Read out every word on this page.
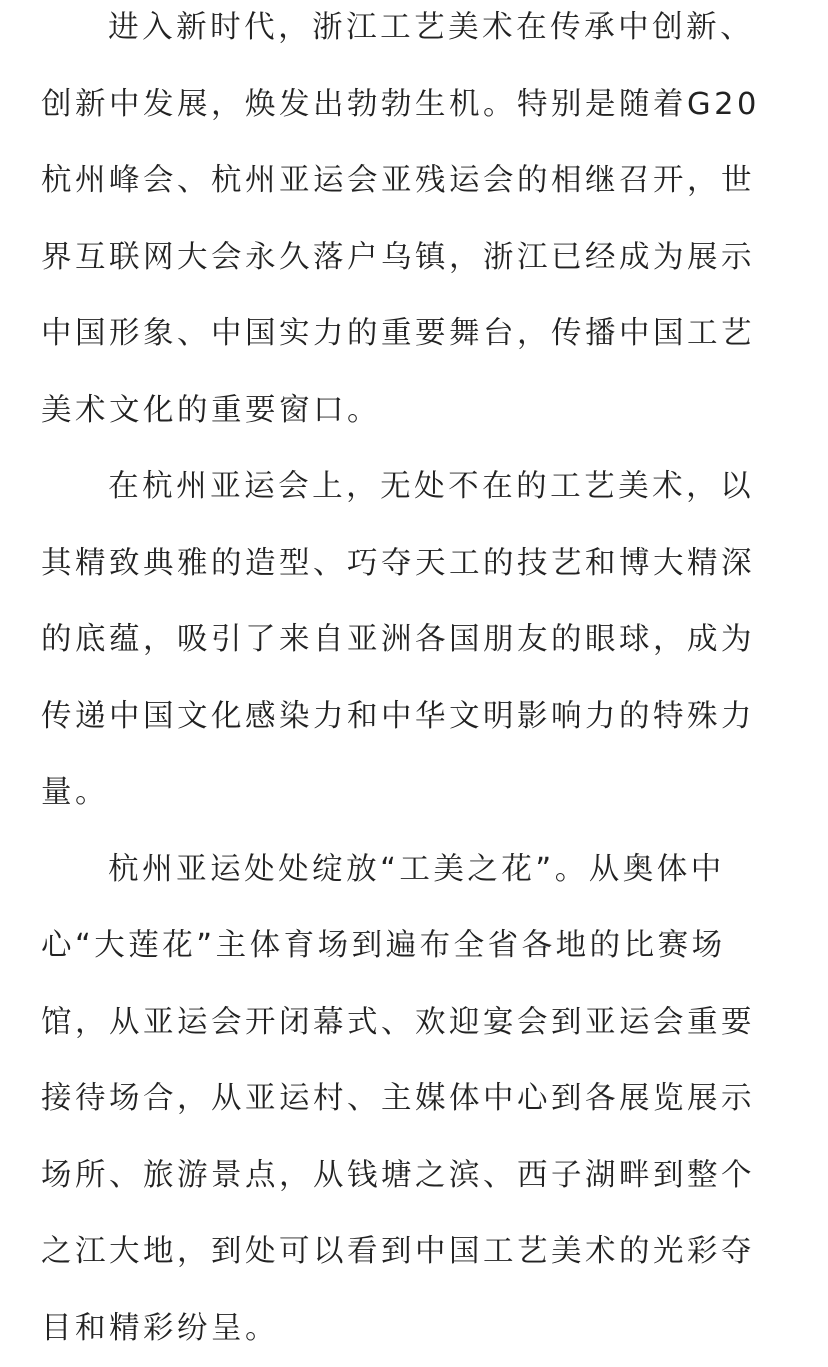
进入新时代，浙江工艺美术在传承中创新、创新中发展，焕发出勃勃生机。特别是随着G20杭州峰会、杭州亚运会亚残运会的相继召开，世界互联网大会永久落户乌镇，浙江已经成为展示中国形象、中国实力的重要舞台，传播中国工艺美术文化的重要窗口。

在杭州亚运会上，无处不在的工艺美术，以其精致典雅的造型、巧夺天工的技艺和博大精深的底蕴，吸引了来自亚洲各国朋友的眼球，成为传递中国文化感染力和中华文明影响力的特殊力量。

杭州亚运处处绽放“工美之花”。从奥体中心“大莲花”主体育场到遍布全省各地的比赛场馆，从亚运会开闭幕式、欢迎宴会到亚运会重要接待场合，从亚运村、主媒体中心到各展览展示场所、旅游景点，从钱塘之滨、西子湖畔到整个之江大地，到处可以看到中国工艺美术的光彩夺目和精彩纷呈。
